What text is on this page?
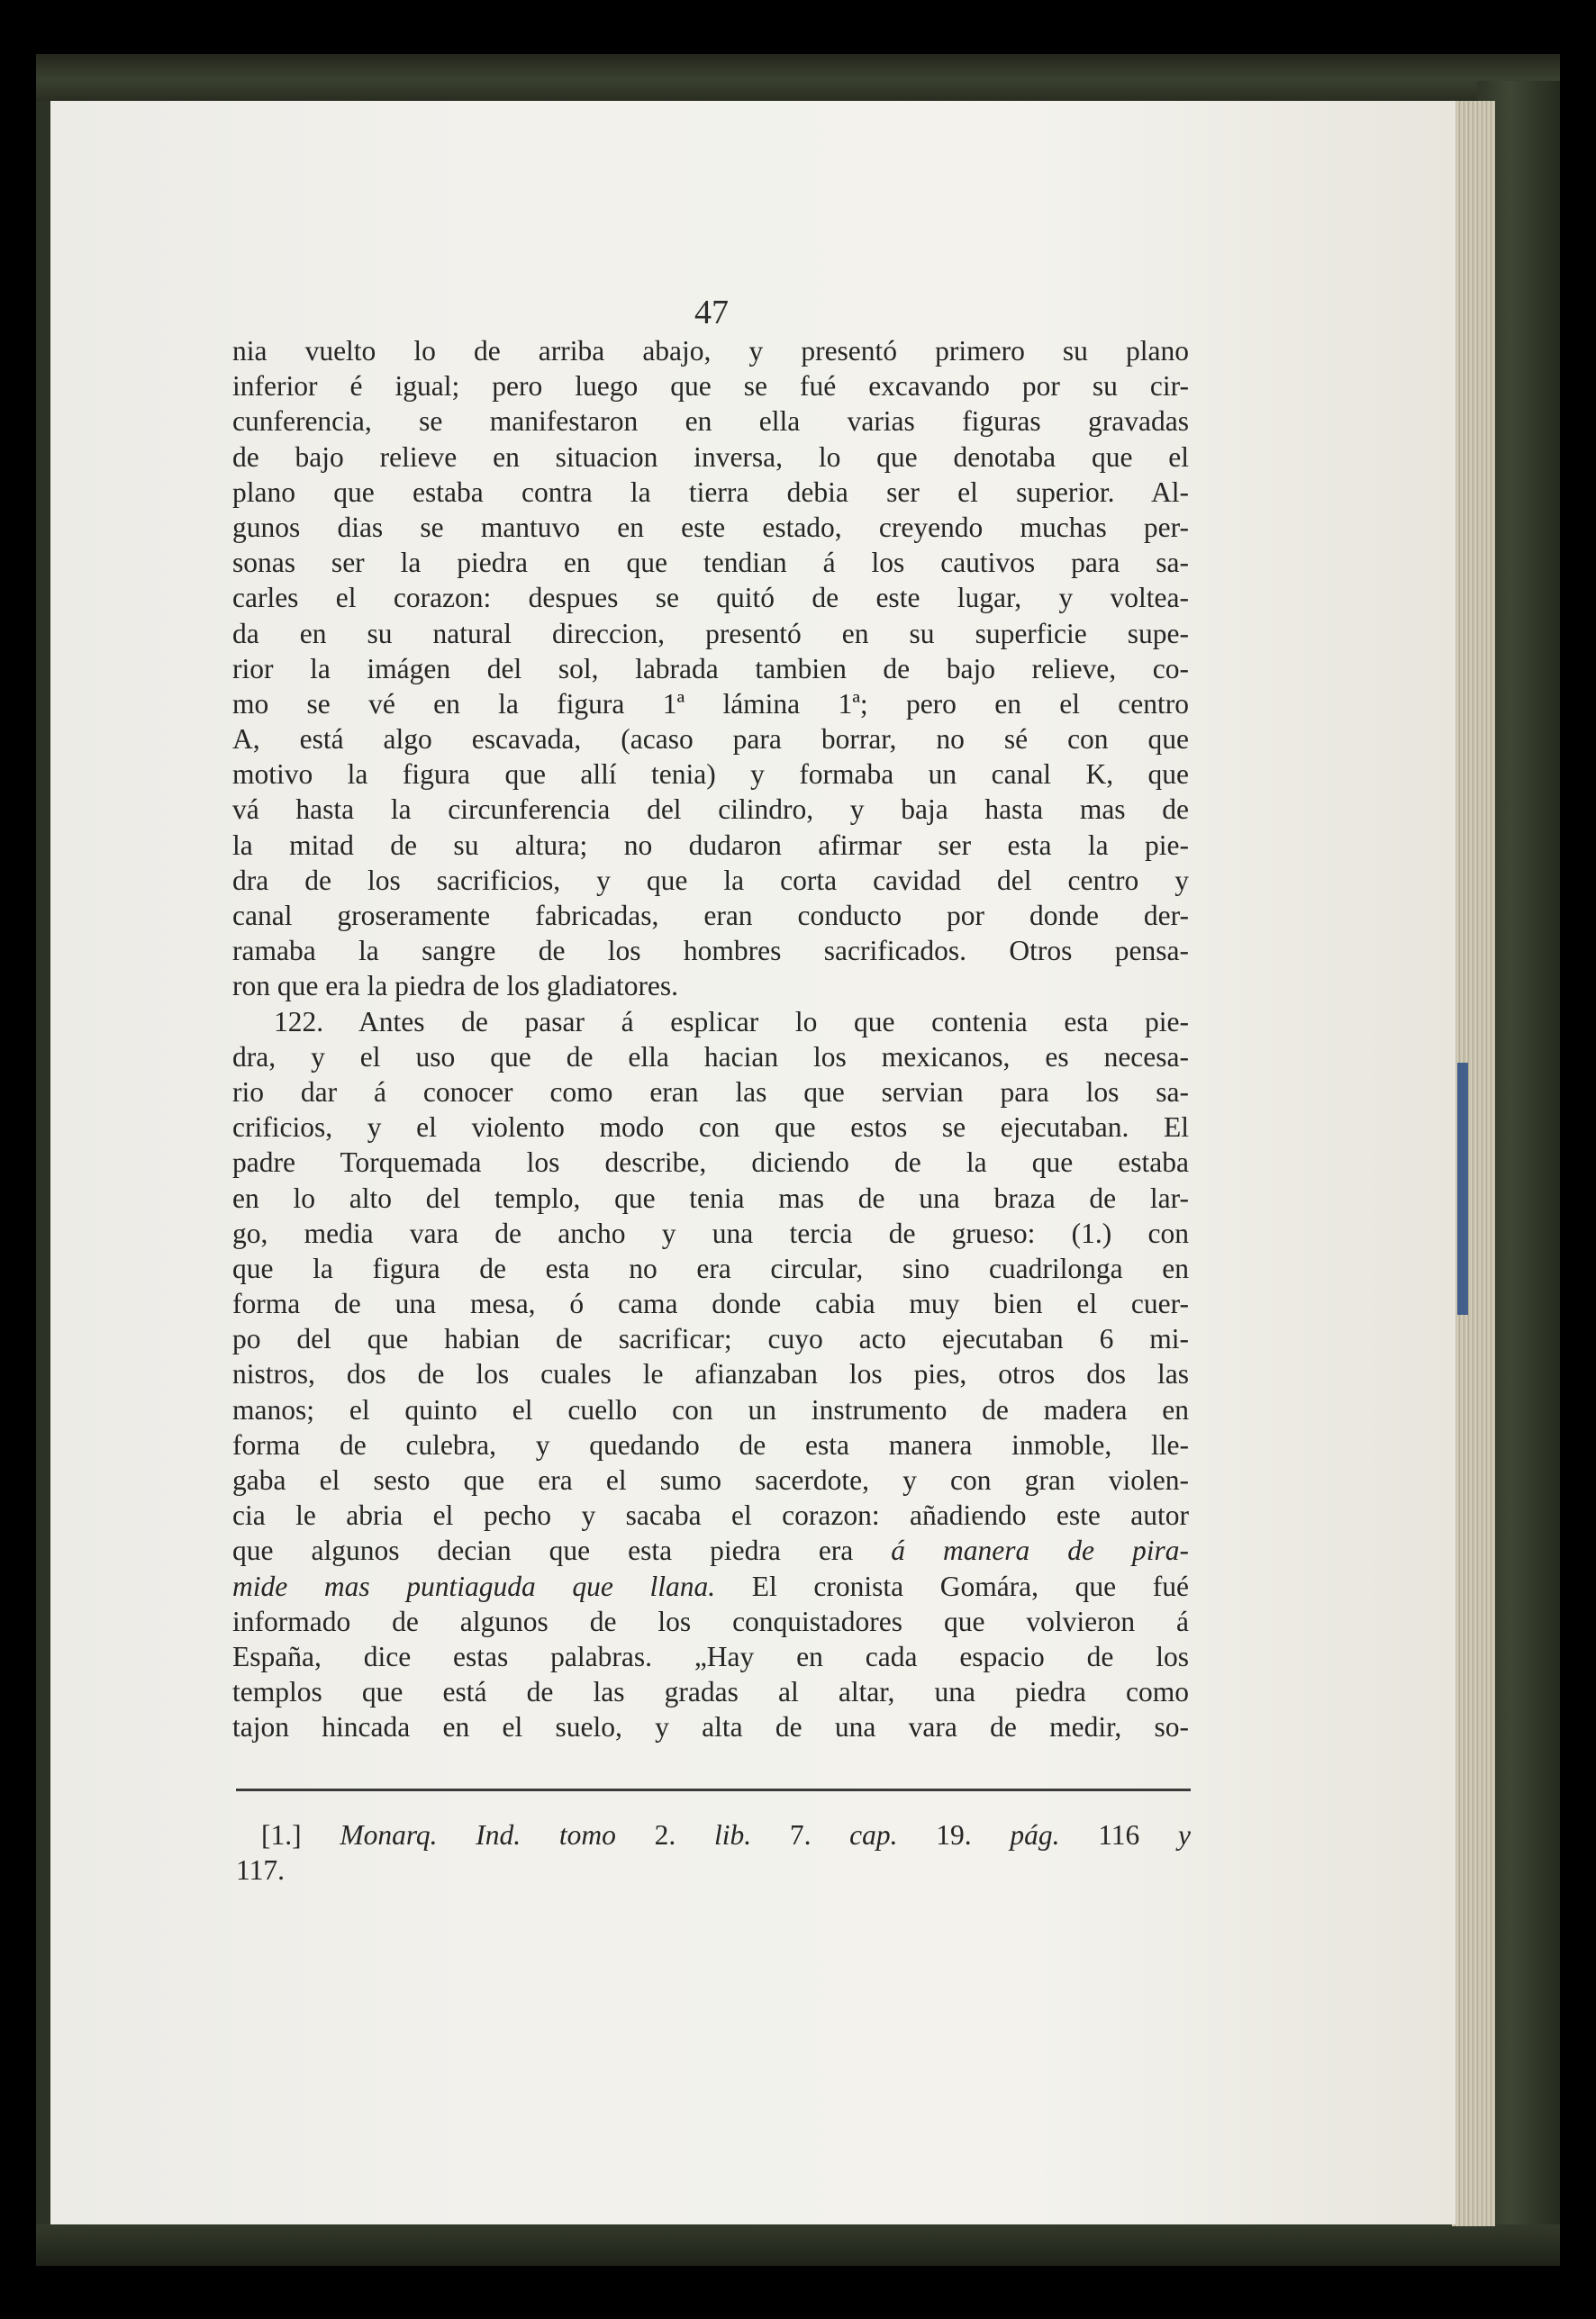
47

nia vuelto lo de arriba abajo, y presentó primero su plano
inferior é igual; pero luego que se fué excavando por su cir-
cunferencia, se manifestaron en ella varias figuras gravadas
de bajo relieve en situacion inversa, lo que denotaba que el
plano que estaba contra la tierra debia ser el superior. Al-
gunos dias se mantuvo en este estado, creyendo muchas per-
sonas ser la piedra en que tendian á los cautivos para sa-
carles el corazon: despues se quitó de este lugar, y voltea-
da en su natural direccion, presentó en su superficie supe-
rior la imágen del sol, labrada tambien de bajo relieve, co-
mo se vé en la figura 1ª lámina 1ª; pero en el centro
A, está algo escavada, (acaso para borrar, no sé con que
motivo la figura que allí tenia) y formaba un canal K, que
vá hasta la circunferencia del cilindro, y baja hasta mas de
la mitad de su altura; no dudaron afirmar ser esta la pie-
dra de los sacrificios, y que la corta cavidad del centro y
canal groseramente fabricadas, eran conducto por donde der-
ramaba la sangre de los hombres sacrificados. Otros pensa-
ron que era la piedra de los gladiatores.
122. Antes de pasar á esplicar lo que contenia esta pie-
dra, y el uso que de ella hacian los mexicanos, es necesa-
rio dar á conocer como eran las que servian para los sa-
crificios, y el violento modo con que estos se ejecutaban. El
padre Torquemada los describe, diciendo de la que estaba
en lo alto del templo, que tenia mas de una braza de lar-
go, media vara de ancho y una tercia de grueso: (1.) con
que la figura de esta no era circular, sino cuadrilonga en
forma de una mesa, ó cama donde cabia muy bien el cuer-
po del que habian de sacrificar; cuyo acto ejecutaban 6 mi-
nistros, dos de los cuales le afianzaban los pies, otros dos las
manos; el quinto el cuello con un instrumento de madera en
forma de culebra, y quedando de esta manera inmoble, lle-
gaba el sesto que era el sumo sacerdote, y con gran violen-
cia le abria el pecho y sacaba el corazon: añadiendo este autor
que algunos decian que esta piedra era á manera de pira-
mide mas puntiaguda que llana. El cronista Gomára, que fué
informado de algunos de los conquistadores que volvieron á
España, dice estas palabras. „Hay en cada espacio de los
templos que está de las gradas al altar, una piedra como
tajon hincada en el suelo, y alta de una vara de medir, so-
[1.] Monarq. Ind. tomo 2. lib. 7. cap. 19. pág. 116 y
117.
